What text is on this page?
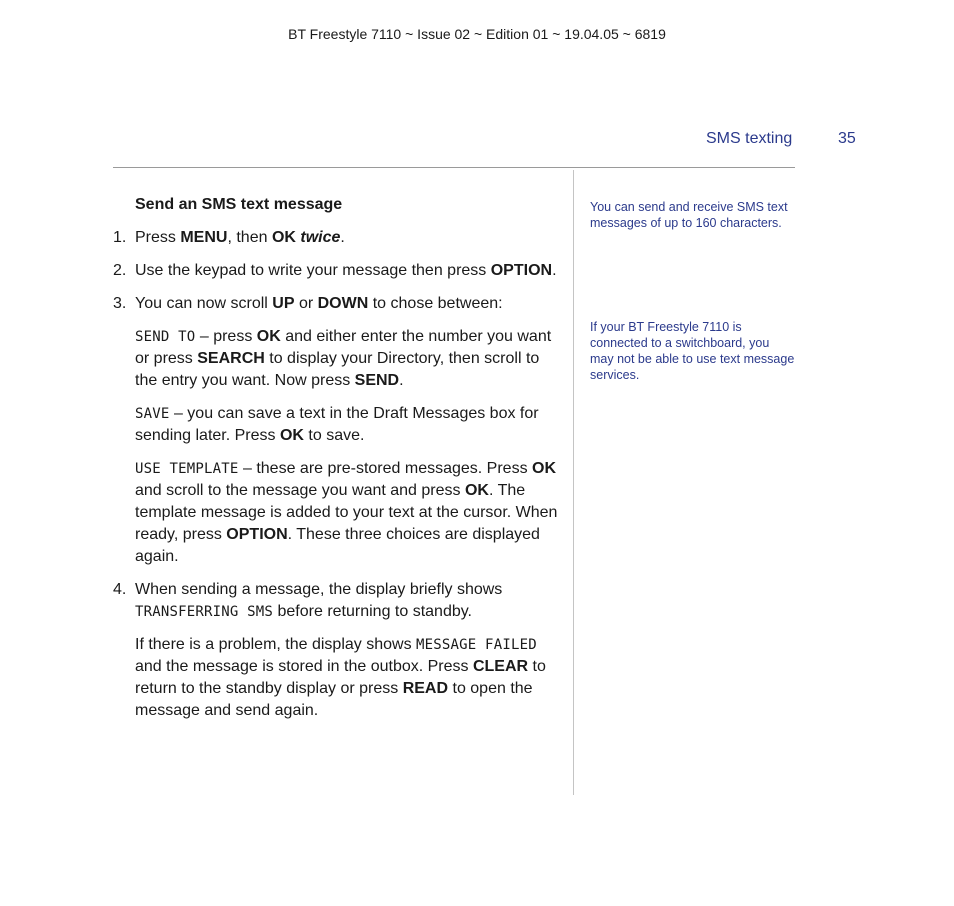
BT Freestyle 7110 ~ Issue 02 ~ Edition 01 ~ 19.04.05 ~ 6819
SMS texting	35
Send an SMS text message
1. Press MENU, then OK twice.
2. Use the keypad to write your message then press OPTION.
3. You can now scroll UP or DOWN to chose between:
SEND TO – press OK and either enter the number you want or press SEARCH to display your Directory, then scroll to the entry you want. Now press SEND.
SAVE – you can save a text in the Draft Messages box for sending later. Press OK to save.
USE TEMPLATE – these are pre-stored messages. Press OK and scroll to the message you want and press OK. The template message is added to your text at the cursor. When ready, press OPTION. These three choices are displayed again.
4. When sending a message, the display briefly shows TRANSFERRING SMS before returning to standby.
If there is a problem, the display shows MESSAGE FAILED and the message is stored in the outbox. Press CLEAR to return to the standby display or press READ to open the message and send again.
You can send and receive SMS text messages of up to 160 characters.
If your BT Freestyle 7110 is connected to a switchboard, you may not be able to use text message services.
